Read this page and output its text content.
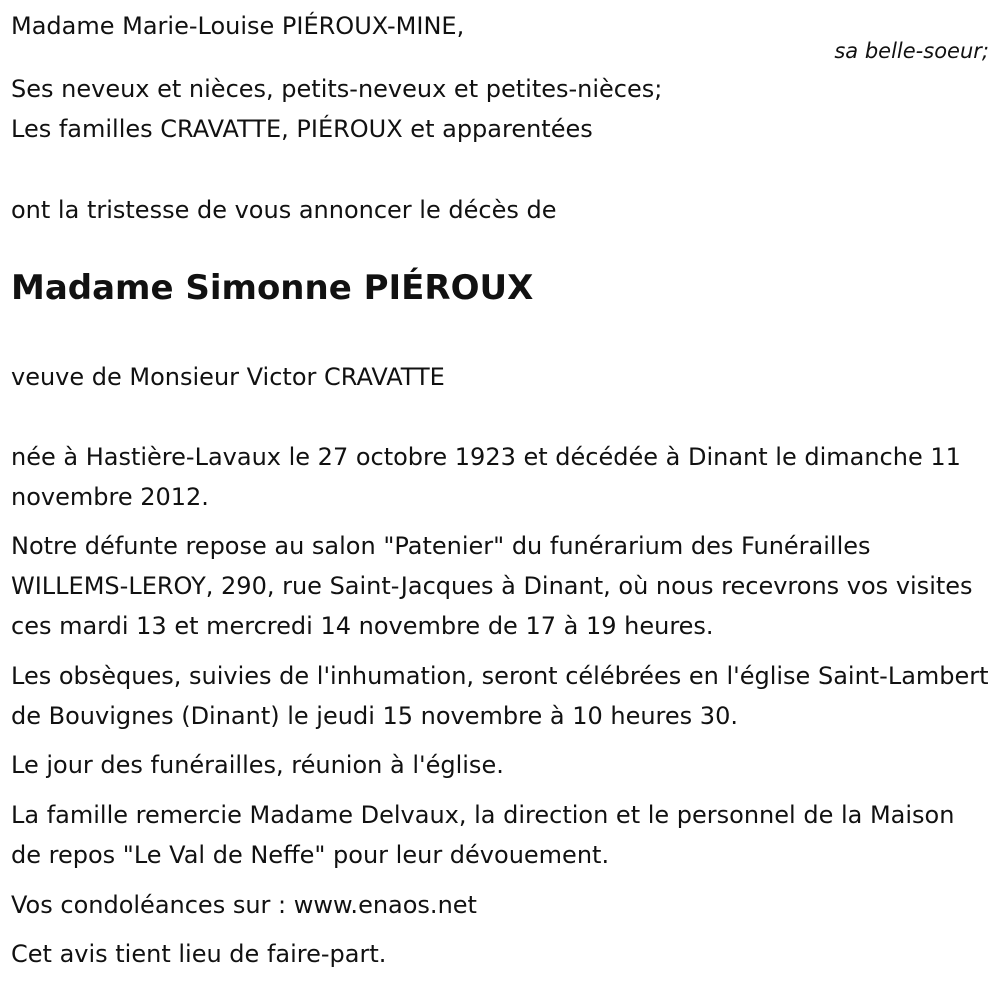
Madame Marie-Louise PIÉROUX-MINE,
sa belle-soeur;
Ses neveux et nièces, petits-neveux et petites-nièces;
Les familles CRAVATTE, PIÉROUX et apparentées
ont la tristesse de vous annoncer le décès de
Madame Simonne PIÉROUX
veuve de Monsieur Victor CRAVATTE
née à Hastière-Lavaux le 27 octobre 1923 et décédée à Dinant le dimanche 11 novembre 2012.
Notre défunte repose au salon "Patenier" du funérarium des Funérailles WILLEMS-LEROY, 290, rue Saint-Jacques à Dinant, où nous recevrons vos visites ces mardi 13 et mercredi 14 novembre de 17 à 19 heures.
Les obsèques, suivies de l'inhumation, seront célébrées en l'église Saint-Lambert de Bouvignes (Dinant) le jeudi 15 novembre à 10 heures 30.
Le jour des funérailles, réunion à l'église.
La famille remercie Madame Delvaux, la direction et le personnel de la Maison de repos "Le Val de Neffe" pour leur dévouement.
Vos condoléances sur : www.enaos.net
Cet avis tient lieu de faire-part.
